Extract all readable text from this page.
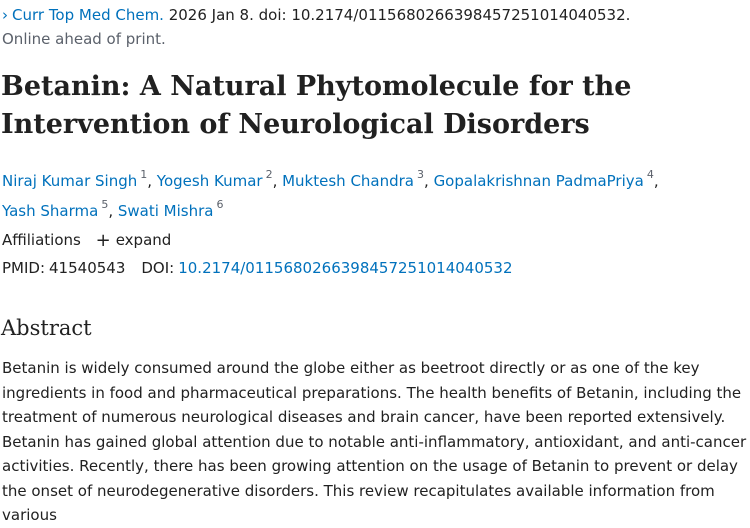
› Curr Top Med Chem. 2026 Jan 8. doi: 10.2174/0115680266398457251014040532.
Online ahead of print.
Betanin: A Natural Phytomolecule for the Intervention of Neurological Disorders
Niraj Kumar Singh $^1$, Yogesh Kumar $^2$, Muktesh Chandra $^3$, Gopalakrishnan PadmaPriya $^4$,
Yash Sharma $^5$, Swati Mishra $^6$
Affiliations + expand
PMID: 41540543 DOI: 10.2174/0115680266398457251014040532
Abstract

Betanin is widely consumed around the globe either as beetroot directly or as one of the key ingredients in food and pharmaceutical preparations. The health benefits of Betanin, including the treatment of numerous neurological diseases and brain cancer, have been reported extensively. Betanin has gained global attention due to notable anti-inflammatory, antioxidant, and anti-cancer activities. Recently, there has been growing attention on the usage of Betanin to prevent or delay the onset of neurodegenerative disorders. This review recapitulates available information from various
